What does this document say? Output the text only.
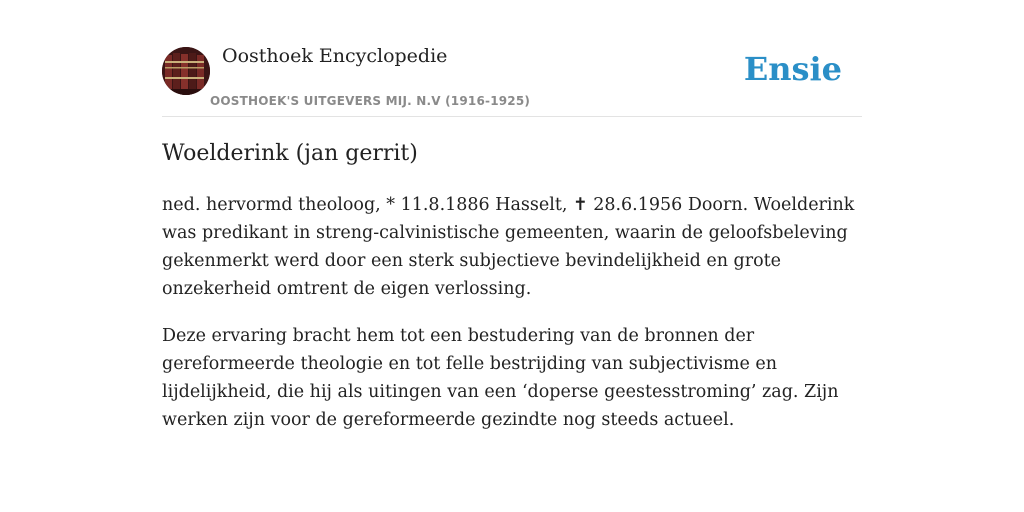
Oosthoek Encyclopedie
OOSTHOEK'S UITGEVERS MIJ. N.V (1916-1925)
Ensie
Woelderink (jan gerrit)

ned. hervormd theoloog, * 11.8.1886 Hasselt, ✝ 28.6.1956 Doorn. Woelderink was predikant in streng-calvinistische gemeenten, waarin de geloofsbeleving gekenmerkt werd door een sterk subjectieve bevindelijkheid en grote onzekerheid omtrent de eigen verlossing.

Deze ervaring bracht hem tot een bestudering van de bronnen der gereformeerde theologie en tot felle bestrijding van subjectivisme en lijdelijkheid, die hij als uitingen van een ‘doperse geestesstroming’ zag. Zijn werken zijn voor de gereformeerde gezindte nog steeds actueel.
